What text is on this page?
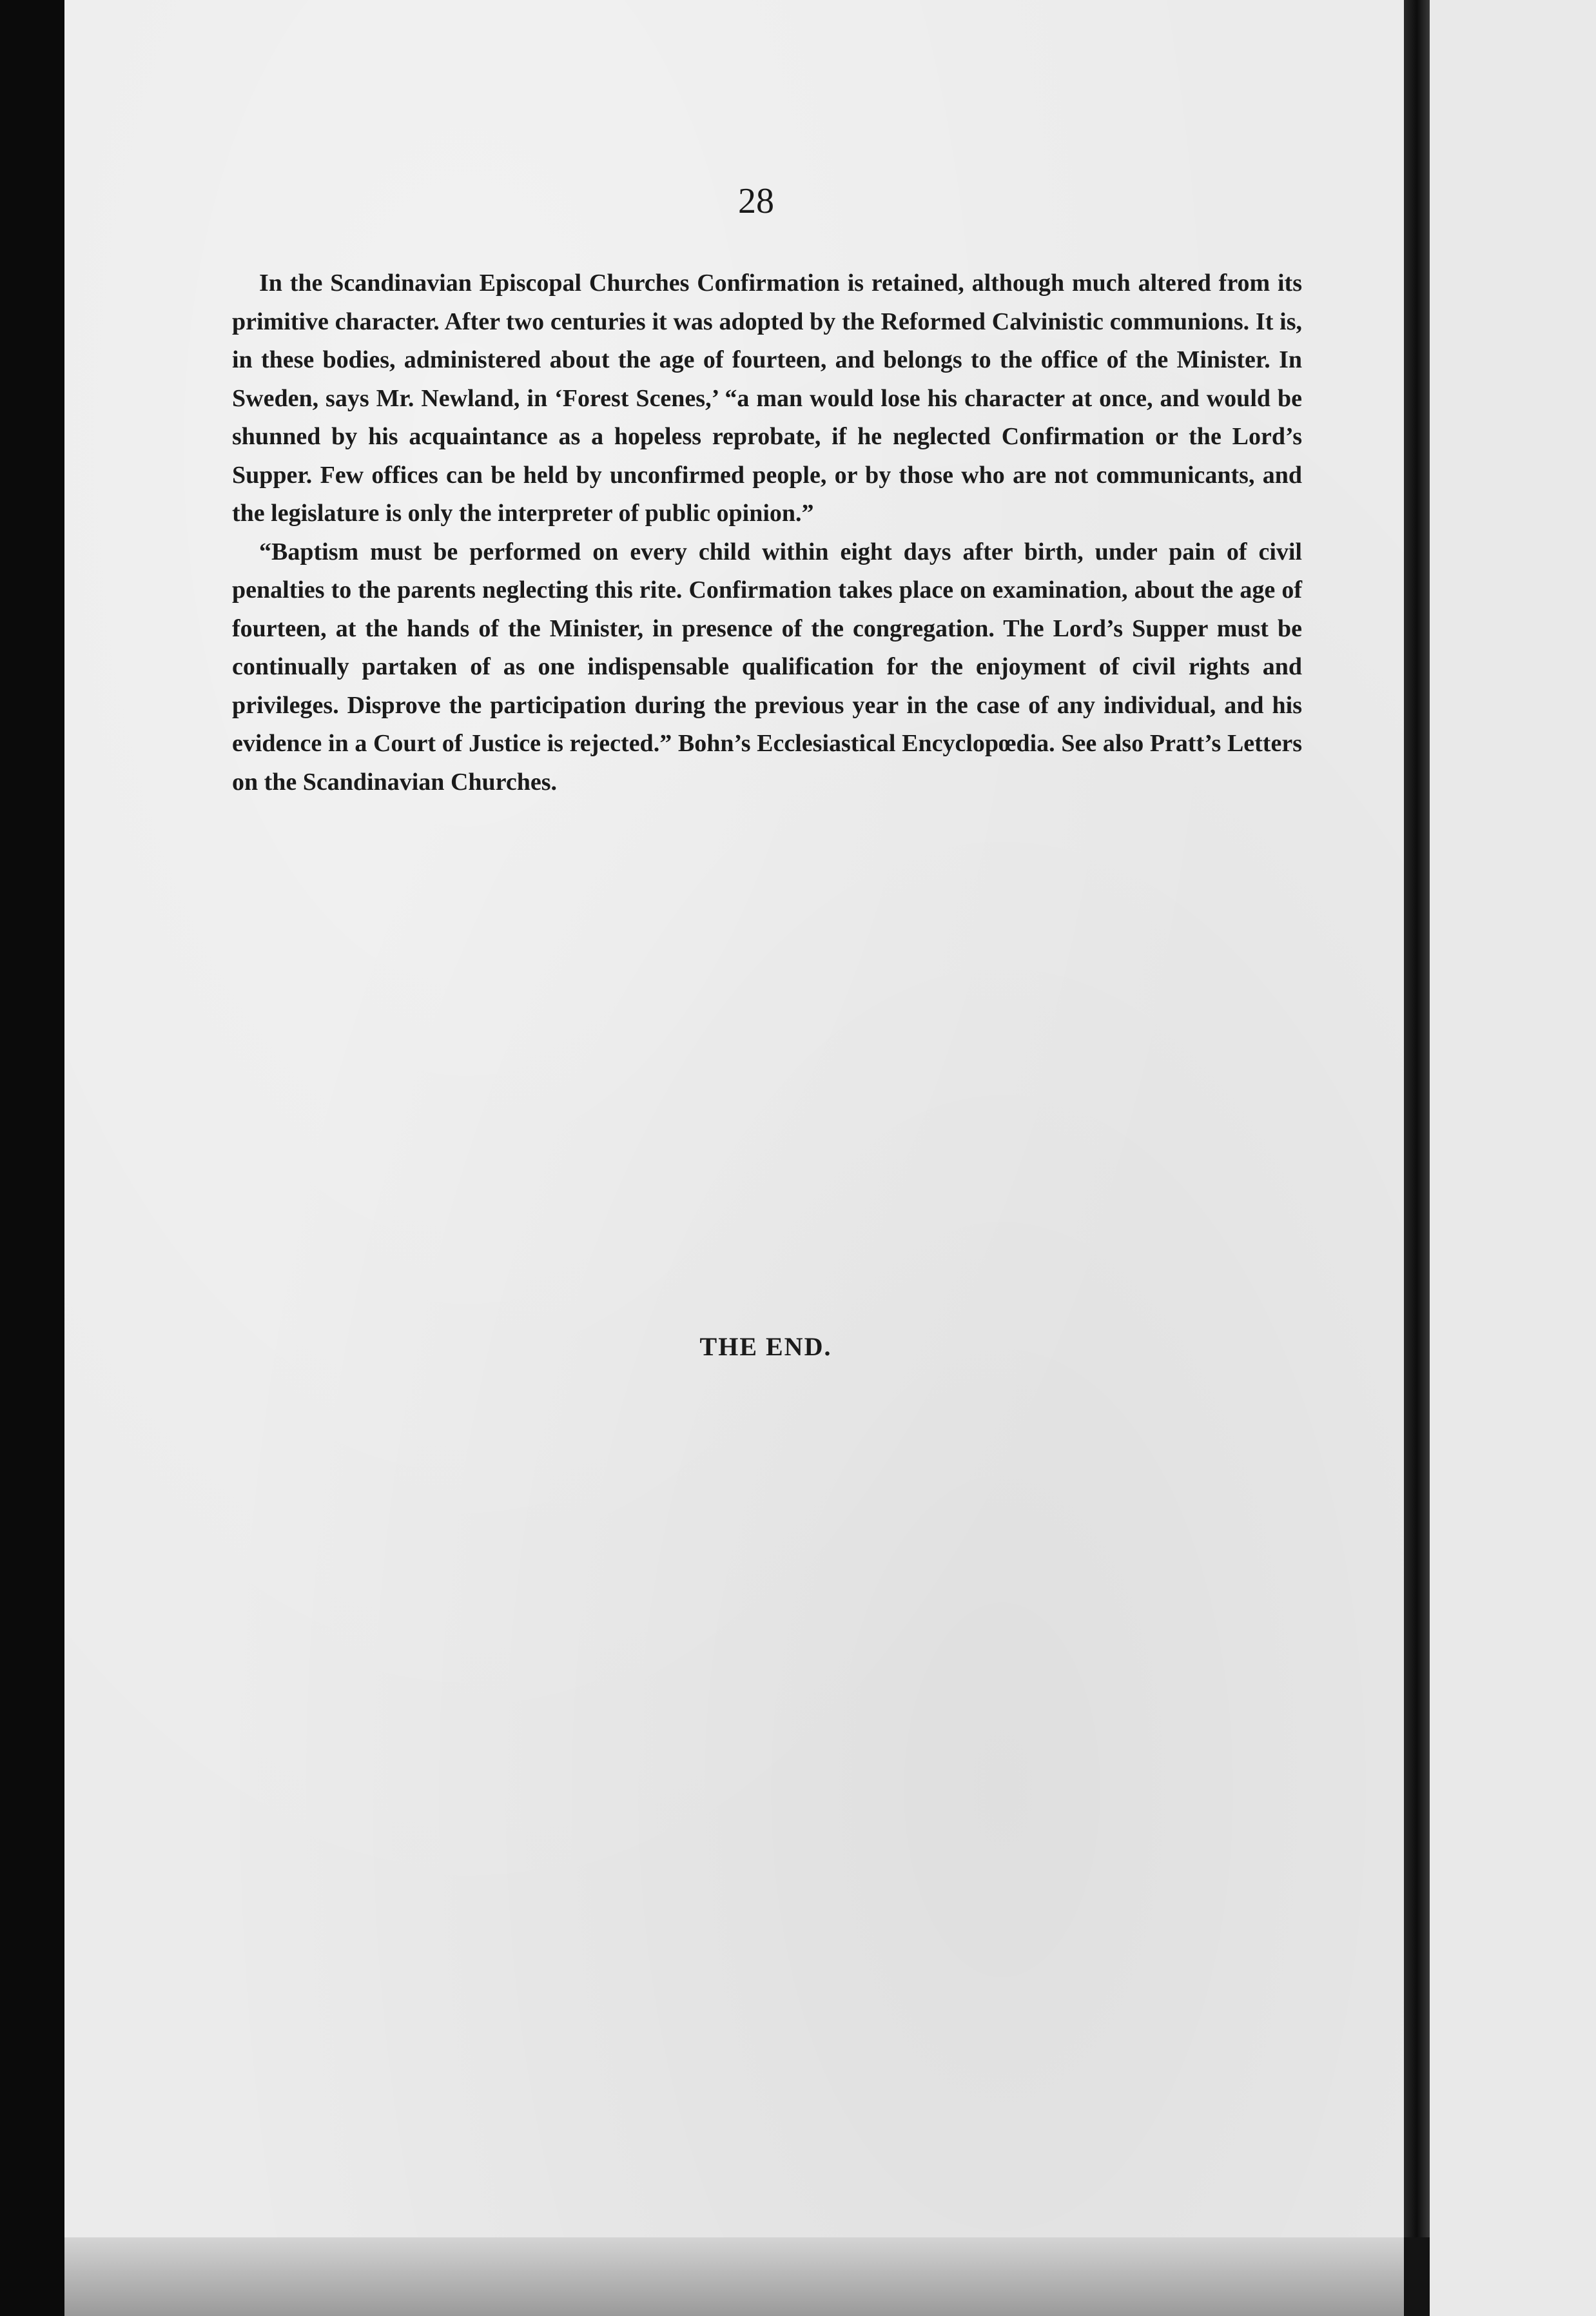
28

In the Scandinavian Episcopal Churches Confirmation is retained, although much altered from its primitive character. After two centuries it was adopted by the Reformed Calvinistic communions. It is, in these bodies, administered about the age of fourteen, and belongs to the office of the Minister. In Sweden, says Mr. Newland, in ‘Forest Scenes,’ “a man would lose his character at once, and would be shunned by his acquaintance as a hopeless reprobate, if he neglected Confirmation or the Lord’s Supper. Few offices can be held by unconfirmed people, or by those who are not communicants, and the legislature is only the interpreter of public opinion.”

“Baptism must be performed on every child within eight days after birth, under pain of civil penalties to the parents neglecting this rite. Confirmation takes place on examination, about the age of fourteen, at the hands of the Minister, in presence of the congregation. The Lord’s Supper must be continually partaken of as one indispensable qualification for the enjoyment of civil rights and privileges. Disprove the participation during the previous year in the case of any individual, and his evidence in a Court of Justice is rejected.” Bohn’s Ecclesiastical Encyclopœdia. See also Pratt’s Letters on the Scandinavian Churches.

THE END.
